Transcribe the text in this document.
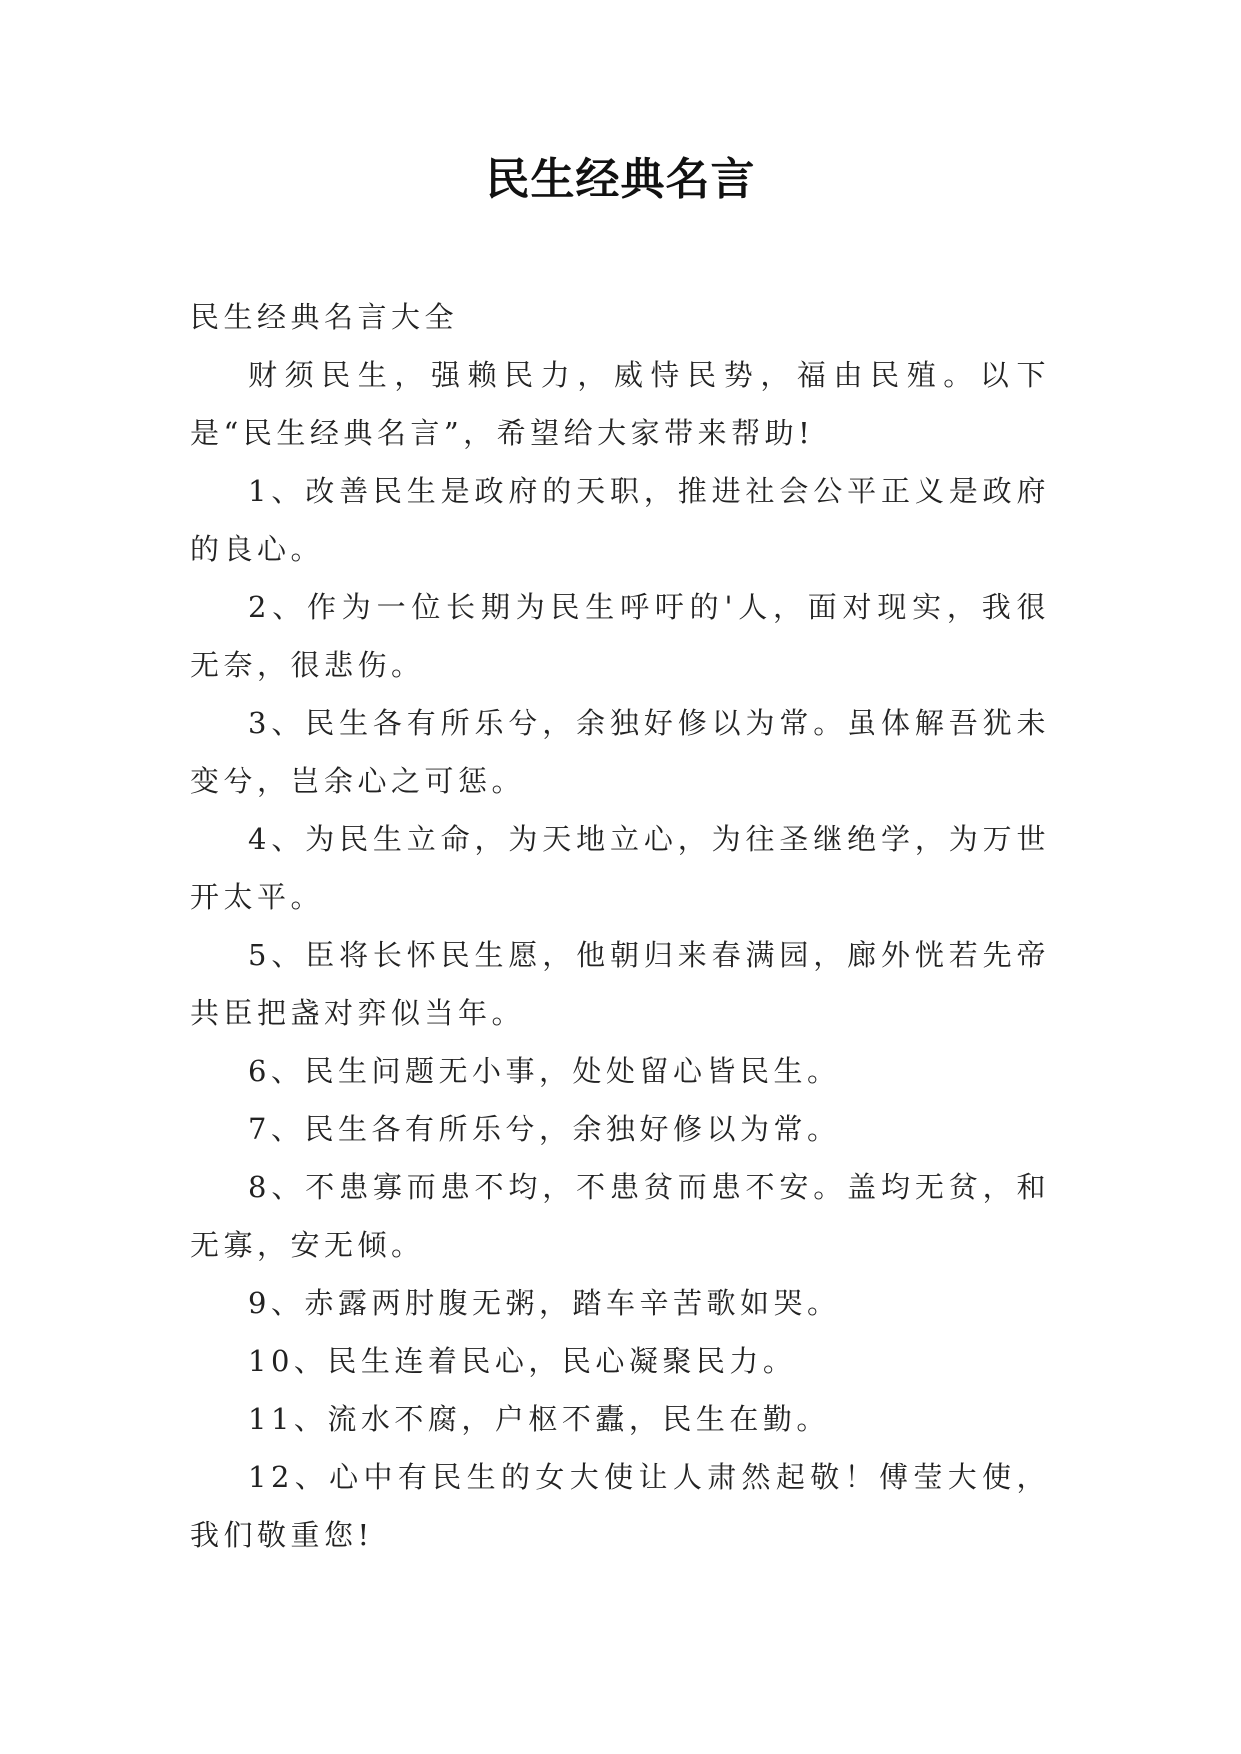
民生经典名言

民生经典名言大全

财须民生，强赖民力，威恃民势，福由民殖。以下是“民生经典名言”，希望给大家带来帮助!

1、改善民生是政府的天职，推进社会公平正义是政府的良心。

2、作为一位长期为民生呼吁的'人，面对现实，我很无奈，很悲伤。

3、民生各有所乐兮，余独好修以为常。虽体解吾犹未变兮，岂余心之可惩。

4、为民生立命，为天地立心，为往圣继绝学，为万世开太平。

5、臣将长怀民生愿，他朝归来春满园，廊外恍若先帝共臣把盏对弈似当年。

6、民生问题无小事，处处留心皆民生。

7、民生各有所乐兮，余独好修以为常。

8、不患寡而患不均，不患贫而患不安。盖均无贫，和无寡，安无倾。

9、赤露两肘腹无粥，踏车辛苦歌如哭。

10、民生连着民心，民心凝聚民力。

11、流水不腐，户枢不蠹，民生在勤。

12、心中有民生的女大使让人肃然起敬！傅莹大使，我们敬重您!
